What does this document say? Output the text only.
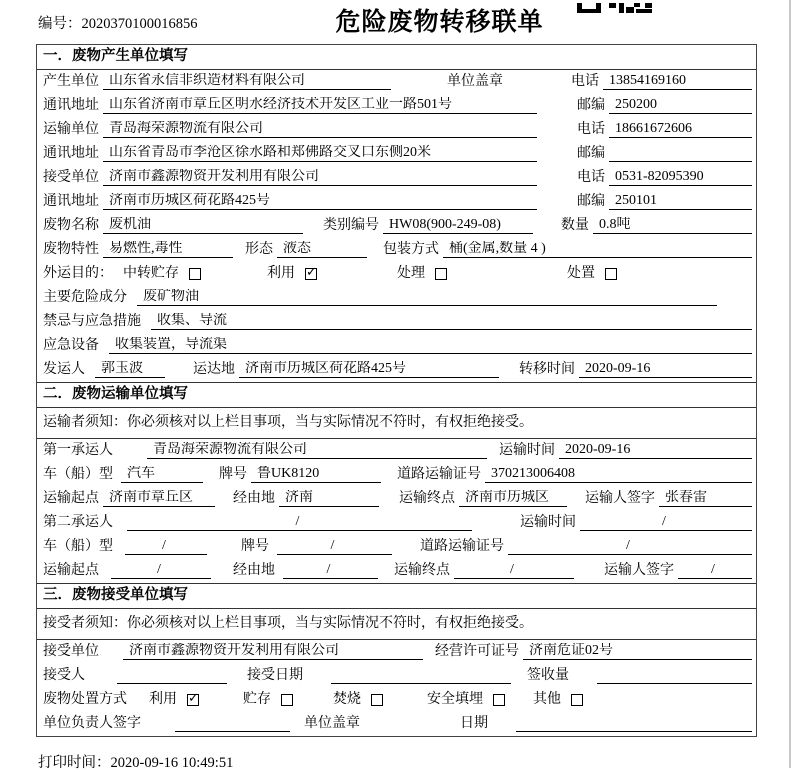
编号：2020370100016856	危险废物转移联单
一．废物产生单位填写
产生单位 山东省永信非织造材料有限公司	单位盖章	电话 13854169160
通讯地址 山东省济南市章丘区明水经济技术开发区工业一路501号	邮编 250200
运输单位 青岛海荣源物流有限公司	电话 18661672606
通讯地址 山东省青岛市李沧区徐水路和郑佛路交叉口东侧20米	邮编
接受单位 济南市鑫源物资开发利用有限公司	电话 0531-82095390
通讯地址 济南市历城区荷花路425号	邮编 250101
废物名称 废机油	类别编号 HW08(900-249-08)	数量 0.8吨
废物特性 易燃性,毒性	形态 液态	包装方式 桶(金属,数量 4 )
外运目的： 中转贮存	利用 ✓	处理	处置
主要危险成分	废矿物油
禁忌与应急措施	收集、导流
应急设备	收集装置，导流渠
发运人	郭玉波	运达地 济南市历城区荷花路425号	转移时间 2020-09-16
二．废物运输单位填写
运输者须知：你必须核对以上栏目事项，当与实际情况不符时，有权拒绝接受。
第一承运人	青岛海荣源物流有限公司	运输时间 2020-09-16
车（船）型	汽车	牌号 鲁UK8120	道路运输证号 370213006408
运输起点 济南市章丘区	经由地 济南	运输终点 济南市历城区	运输人签字 张春雷
第二承运人	/	运输时间	/
车（船）型	/	牌号	/	道路运输证号	/
运输起点	/	经由地	/	运输终点	/	运输人签字	/
三．废物接受单位填写
接受者须知：你必须核对以上栏目事项，当与实际情况不符时，有权拒绝接受。
接受单位	济南市鑫源物资开发利用有限公司	经营许可证号 济南危证02号
接受人	接受日期	签收量
废物处置方式 利用 ✓	贮存	焚烧	安全填埋	其他
单位负责人签字	单位盖章	日期
打印时间：2020-09-16 10:49:51
